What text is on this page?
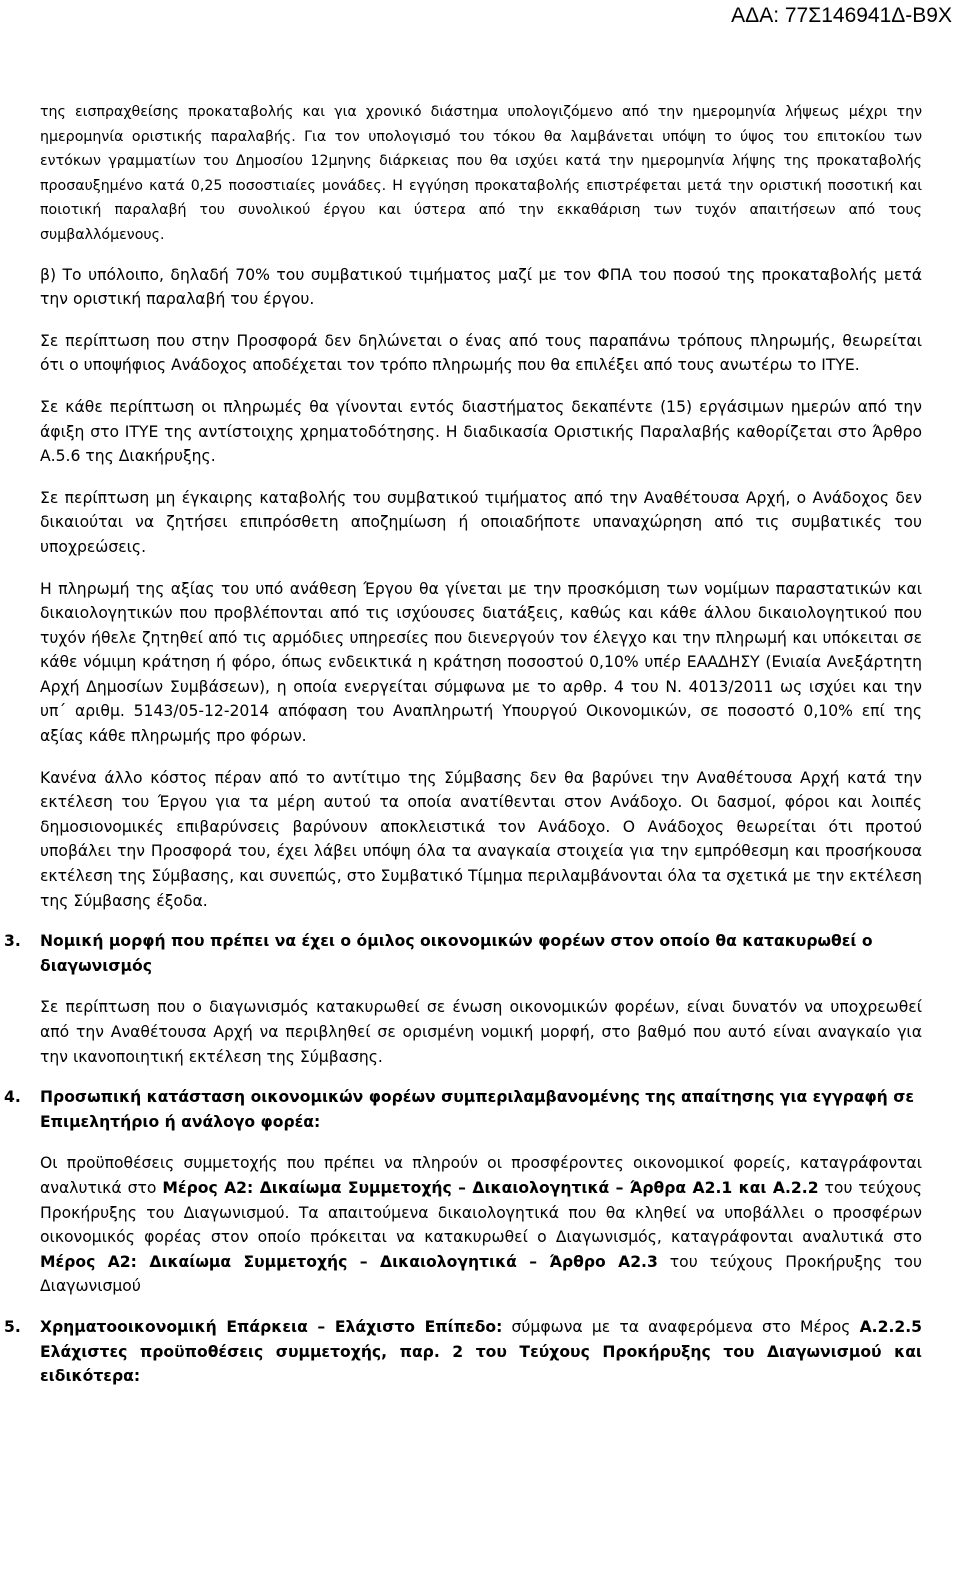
ΑΔΑ: 77Σ146941Δ-Β9Χ

της εισπραχθείσης προκαταβολής και για χρονικό διάστημα υπολογιζόμενο από την ημερομηνία λήψεως μέχρι την ημερομηνία οριστικής παραλαβής. Για τον υπολογισμό του τόκου θα λαμβάνεται υπόψη το ύψος του επιτοκίου των εντόκων γραμματίων του Δημοσίου 12μηνης διάρκειας που θα ισχύει κατά την ημερομηνία λήψης της προκαταβολής προσαυξημένο κατά 0,25 ποσοστιαίες μονάδες. Η εγγύηση προκαταβολής επιστρέφεται μετά την οριστική ποσοτική και ποιοτική παραλαβή του συνολικού έργου και ύστερα από την εκκαθάριση των τυχόν απαιτήσεων από τους συμβαλλόμενους.

β) Το υπόλοιπο, δηλαδή 70% του συμβατικού τιμήματος μαζί με τον ΦΠΑ του ποσού της προκαταβολής μετά την οριστική παραλαβή του έργου.

Σε περίπτωση που στην Προσφορά δεν δηλώνεται ο ένας από τους παραπάνω τρόπους πληρωμής, θεωρείται ότι ο υποψήφιος Ανάδοχος αποδέχεται τον τρόπο πληρωμής που θα επιλέξει από τους ανωτέρω το ΙΤΥΕ.

Σε κάθε περίπτωση οι πληρωμές θα γίνονται εντός διαστήματος δεκαπέντε (15) εργάσιμων ημερών από την άφιξη στο ΙΤΥΕ της αντίστοιχης χρηματοδότησης. Η διαδικασία Οριστικής Παραλαβής καθορίζεται στο Άρθρο Α.5.6 της Διακήρυξης.

Σε περίπτωση μη έγκαιρης καταβολής του συμβατικού τιμήματος από την Αναθέτουσα Αρχή, ο Ανάδοχος δεν δικαιούται να ζητήσει επιπρόσθετη αποζημίωση ή οποιαδήποτε υπαναχώρηση από τις συμβατικές του υποχρεώσεις.

Η πληρωμή της αξίας του υπό ανάθεση Έργου θα γίνεται με την προσκόμιση των νομίμων παραστατικών και δικαιολογητικών που προβλέπονται από τις ισχύουσες διατάξεις, καθώς και κάθε άλλου δικαιολογητικού που τυχόν ήθελε ζητηθεί από τις αρμόδιες υπηρεσίες που διενεργούν τον έλεγχο και την πληρωμή και υπόκειται σε κάθε νόμιμη κράτηση ή φόρο, όπως ενδεικτικά η κράτηση ποσοστού 0,10% υπέρ ΕΑΑΔΗΣΥ (Ενιαία Ανεξάρτητη Αρχή Δημοσίων Συμβάσεων), η οποία ενεργείται σύμφωνα με το αρθρ. 4 του Ν. 4013/2011 ως ισχύει και την υπ΄ αριθμ. 5143/05-12-2014 απόφαση του Αναπληρωτή Υπουργού Οικονομικών, σε ποσοστό 0,10% επί της αξίας κάθε πληρωμής προ φόρων.

Κανένα άλλο κόστος πέραν από το αντίτιμο της Σύμβασης δεν θα βαρύνει την Αναθέτουσα Αρχή κατά την εκτέλεση του Έργου για τα μέρη αυτού τα οποία ανατίθενται στον Ανάδοχο. Οι δασμοί, φόροι και λοιπές δημοσιονομικές επιβαρύνσεις βαρύνουν αποκλειστικά τον Ανάδοχο. Ο Ανάδοχος θεωρείται ότι προτού υποβάλει την Προσφορά του, έχει λάβει υπόψη όλα τα αναγκαία στοιχεία για την εμπρόθεσμη και προσήκουσα εκτέλεση της Σύμβασης, και συνεπώς, στο Συμβατικό Τίμημα περιλαμβάνονται όλα τα σχετικά με την εκτέλεση της Σύμβασης έξοδα.

3. Νομική μορφή που πρέπει να έχει ο όμιλος οικονομικών φορέων στον οποίο θα κατακυρωθεί ο διαγωνισμός

Σε περίπτωση που ο διαγωνισμός κατακυρωθεί σε ένωση οικονομικών φορέων, είναι δυνατόν να υποχρεωθεί από την Αναθέτουσα Αρχή να περιβληθεί σε ορισμένη νομική μορφή, στο βαθμό που αυτό είναι αναγκαίο για την ικανοποιητική εκτέλεση της Σύμβασης.

4. Προσωπική κατάσταση οικονομικών φορέων συμπεριλαμβανομένης της απαίτησης για εγγραφή σε Επιμελητήριο ή ανάλογο φορέα:

Οι προϋποθέσεις συμμετοχής που πρέπει να πληρούν οι προσφέροντες οικονομικοί φορείς, καταγράφονται αναλυτικά στο Μέρος Α2: Δικαίωμα Συμμετοχής – Δικαιολογητικά – Άρθρα Α2.1 και Α.2.2 του τεύχους Προκήρυξης του Διαγωνισμού. Τα απαιτούμενα δικαιολογητικά που θα κληθεί να υποβάλλει ο προσφέρων οικονομικός φορέας στον οποίο πρόκειται να κατακυρωθεί ο Διαγωνισμός, καταγράφονται αναλυτικά στο Μέρος Α2: Δικαίωμα Συμμετοχής – Δικαιολογητικά – Άρθρο Α2.3 του τεύχους Προκήρυξης του Διαγωνισμού

5. Χρηματοοικονομική Επάρκεια – Ελάχιστο Επίπεδο: σύμφωνα με τα αναφερόμενα στο Μέρος Α.2.2.5 Ελάχιστες προϋποθέσεις συμμετοχής, παρ. 2 του Τεύχους Προκήρυξης του Διαγωνισμού και ειδικότερα:
